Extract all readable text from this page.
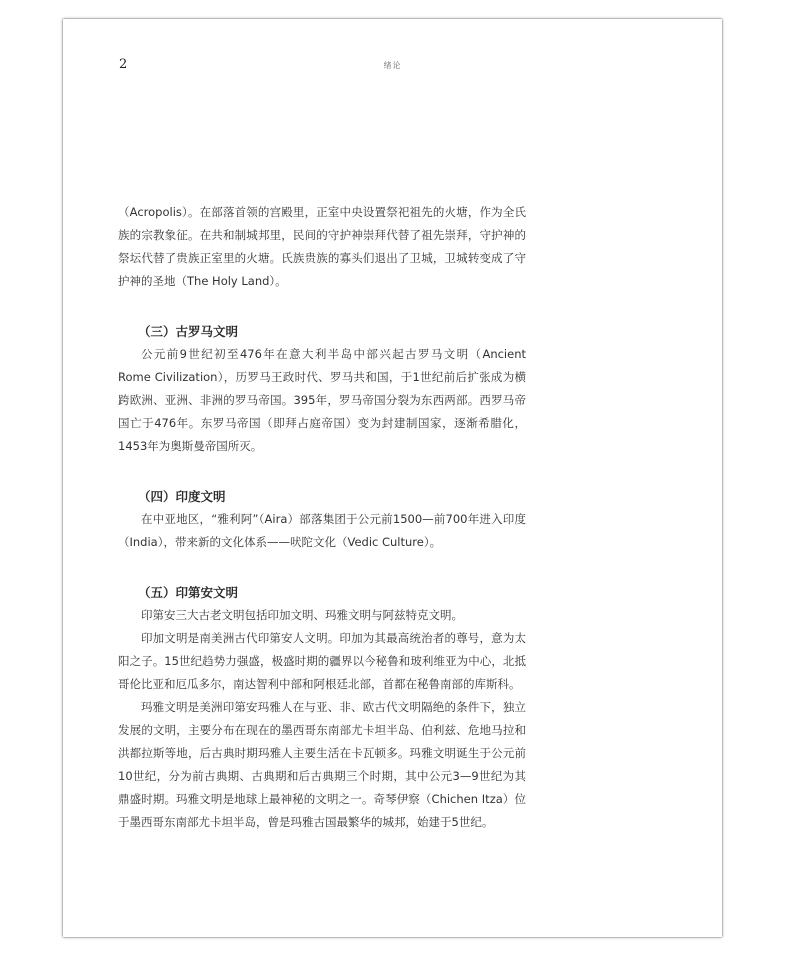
2	绪论

（Acropolis）。在部落首领的宫殿里，正室中央设置祭祀祖先的火塘，作为全氏族的宗教象征。在共和制城邦里，民间的守护神崇拜代替了祖先崇拜，守护神的祭坛代替了贵族正室里的火塘。氏族贵族的寡头们退出了卫城，卫城转变成了守护神的圣地（The Holy Land）。

（三）古罗马文明

公元前9世纪初至476年在意大利半岛中部兴起古罗马文明（Ancient Rome Civilization），历罗马王政时代、罗马共和国，于1世纪前后扩张成为横跨欧洲、亚洲、非洲的罗马帝国。395年，罗马帝国分裂为东西两部。西罗马帝国亡于476年。东罗马帝国（即拜占庭帝国）变为封建制国家，逐渐希腊化，1453年为奥斯曼帝国所灭。

（四）印度文明

在中亚地区，“雅利阿”（Aira）部落集团于公元前1500—前700年进入印度（India），带来新的文化体系——吠陀文化（Vedic Culture）。

（五）印第安文明

印第安三大古老文明包括印加文明、玛雅文明与阿兹特克文明。

印加文明是南美洲古代印第安人文明。印加为其最高统治者的尊号，意为太阳之子。15世纪趋势力强盛，极盛时期的疆界以今秘鲁和玻利维亚为中心，北抵哥伦比亚和厄瓜多尔，南达智利中部和阿根廷北部，首都在秘鲁南部的库斯科。

玛雅文明是美洲印第安玛雅人在与亚、非、欧古代文明隔绝的条件下，独立发展的文明，主要分布在现在的墨西哥东南部尤卡坦半岛、伯利兹、危地马拉和洪都拉斯等地，后古典时期玛雅人主要生活在卡瓦顿多。玛雅文明诞生于公元前10世纪，分为前古典期、古典期和后古典期三个时期，其中公元3—9世纪为其鼎盛时期。玛雅文明是地球上最神秘的文明之一。奇琴伊察（Chichen Itza）位于墨西哥东南部尤卡坦半岛，曾是玛雅古国最繁华的城邦，始建于5世纪。
